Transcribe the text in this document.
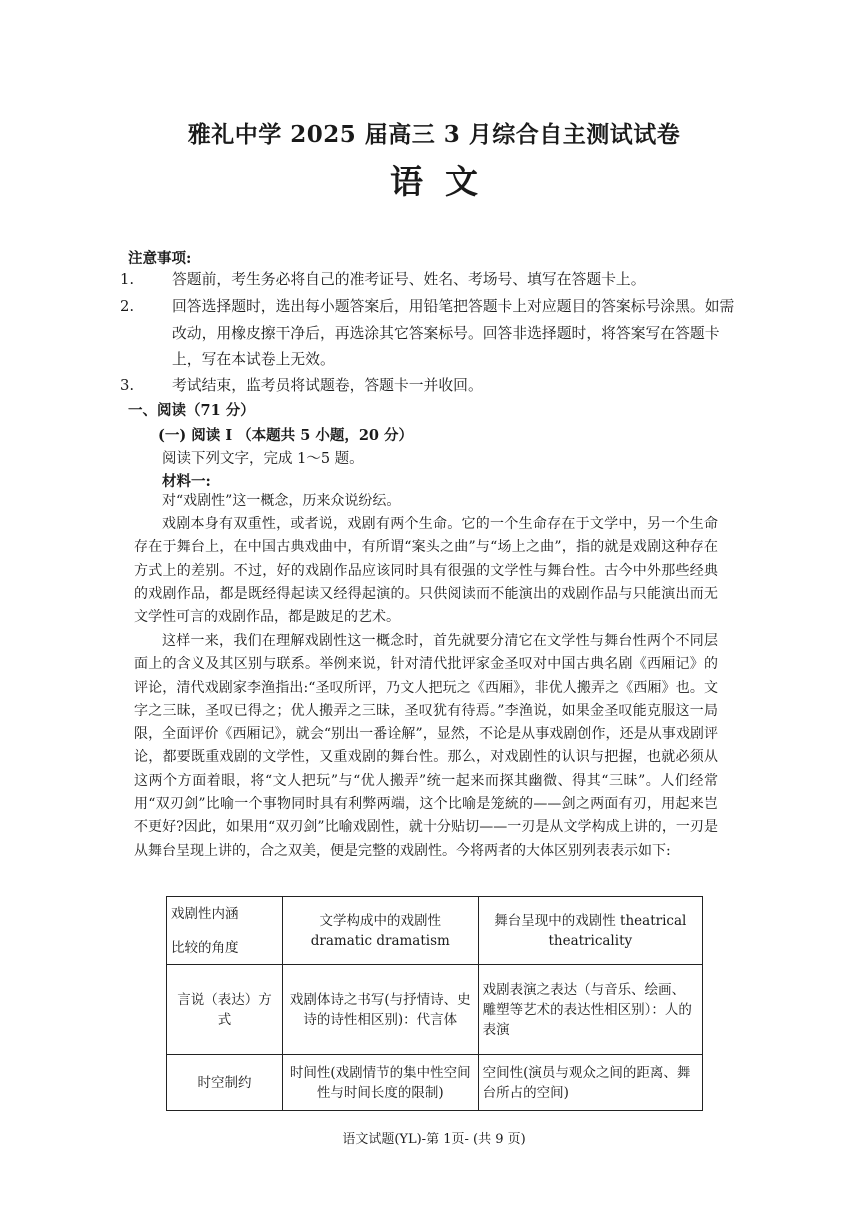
雅礼中学 2025 届高三 3 月综合自主测试试卷
语文
注意事项:
1.	答题前，考生务必将自己的准考证号、姓名、考场号、填写在答题卡上。
2.	回答选择题时，选出每小题答案后，用铅笔把答题卡上对应题目的答案标号涂黑。如需改动，用橡皮擦干净后，再选涂其它答案标号。回答非选择题时，将答案写在答题卡上，写在本试卷上无效。
3.	考试结束，监考员将试题卷，答题卡一并收回。
一、阅读（71 分）
(一) 阅读 I （本题共 5 小题，20 分）
阅读下列文字，完成 1～5 题。
材料一:
对“戏剧性”这一概念，历来众说纷纭。
戏剧本身有双重性，或者说，戏剧有两个生命。它的一个生命存在于文学中，另一个生命存在于舞台上，在中国古典戏曲中，有所谓“案头之曲”与“场上之曲”，指的就是戏剧这种存在方式上的差别。不过，好的戏剧作品应该同时具有很强的文学性与舞台性。古今中外那些经典的戏剧作品，都是既经得起读又经得起演的。只供阅读而不能演出的戏剧作品与只能演出而无文学性可言的戏剧作品，都是跛足的艺术。
这样一来，我们在理解戏剧性这一概念时，首先就要分清它在文学性与舞台性两个不同层面上的含义及其区别与联系。举例来说，针对清代批评家金圣叹对中国古典名剧《西厢记》的评论，清代戏剧家李渔指出:“圣叹所评，乃文人把玩之《西厢》，非优人搬弄之《西厢》也。文字之三昧，圣叹已得之；优人搬弄之三昧，圣叹犹有待焉。”李渔说，如果金圣叹能克服这一局限，全面评价《西厢记》，就会“别出一番诠解”，显然，不论是从事戏剧创作，还是从事戏剧评论，都要既重戏剧的文学性，又重戏剧的舞台性。那么，对戏剧性的认识与把握，也就必须从这两个方面着眼，将“文人把玩”与“优人搬弄”统一起来而探其幽微、得其“三昧”。人们经常用“双刃剑”比喻一个事物同时具有利弊两端，这个比喻是笼統的——剑之两面有刃，用起来岂不更好?因此，如果用“双刃剑”比喻戏剧性，就十分贴切——一刃是从文学构成上讲的，一刃是从舞台呈现上讲的，合之双美，便是完整的戏剧性。今将两者的大体区别列表表示如下:
戏剧性内涵
比较的角度	文学构成中的戏剧性 dramatic dramatism	舞台呈现中的戏剧性 theatrical theatricality
言说（表达）方式	戏剧体诗之书写(与抒情诗、史诗的诗性相区别)：代言体	戏剧表演之表达（与音乐、绘画、雕塑等艺术的表达性相区别）：人的表演
时空制约	时间性(戏剧情节的集中性空间性与时间长度的限制)	空间性(演员与观众之间的距离、舞台所占的空间)
语文试题(YL)-第 1页- (共 9 页)
